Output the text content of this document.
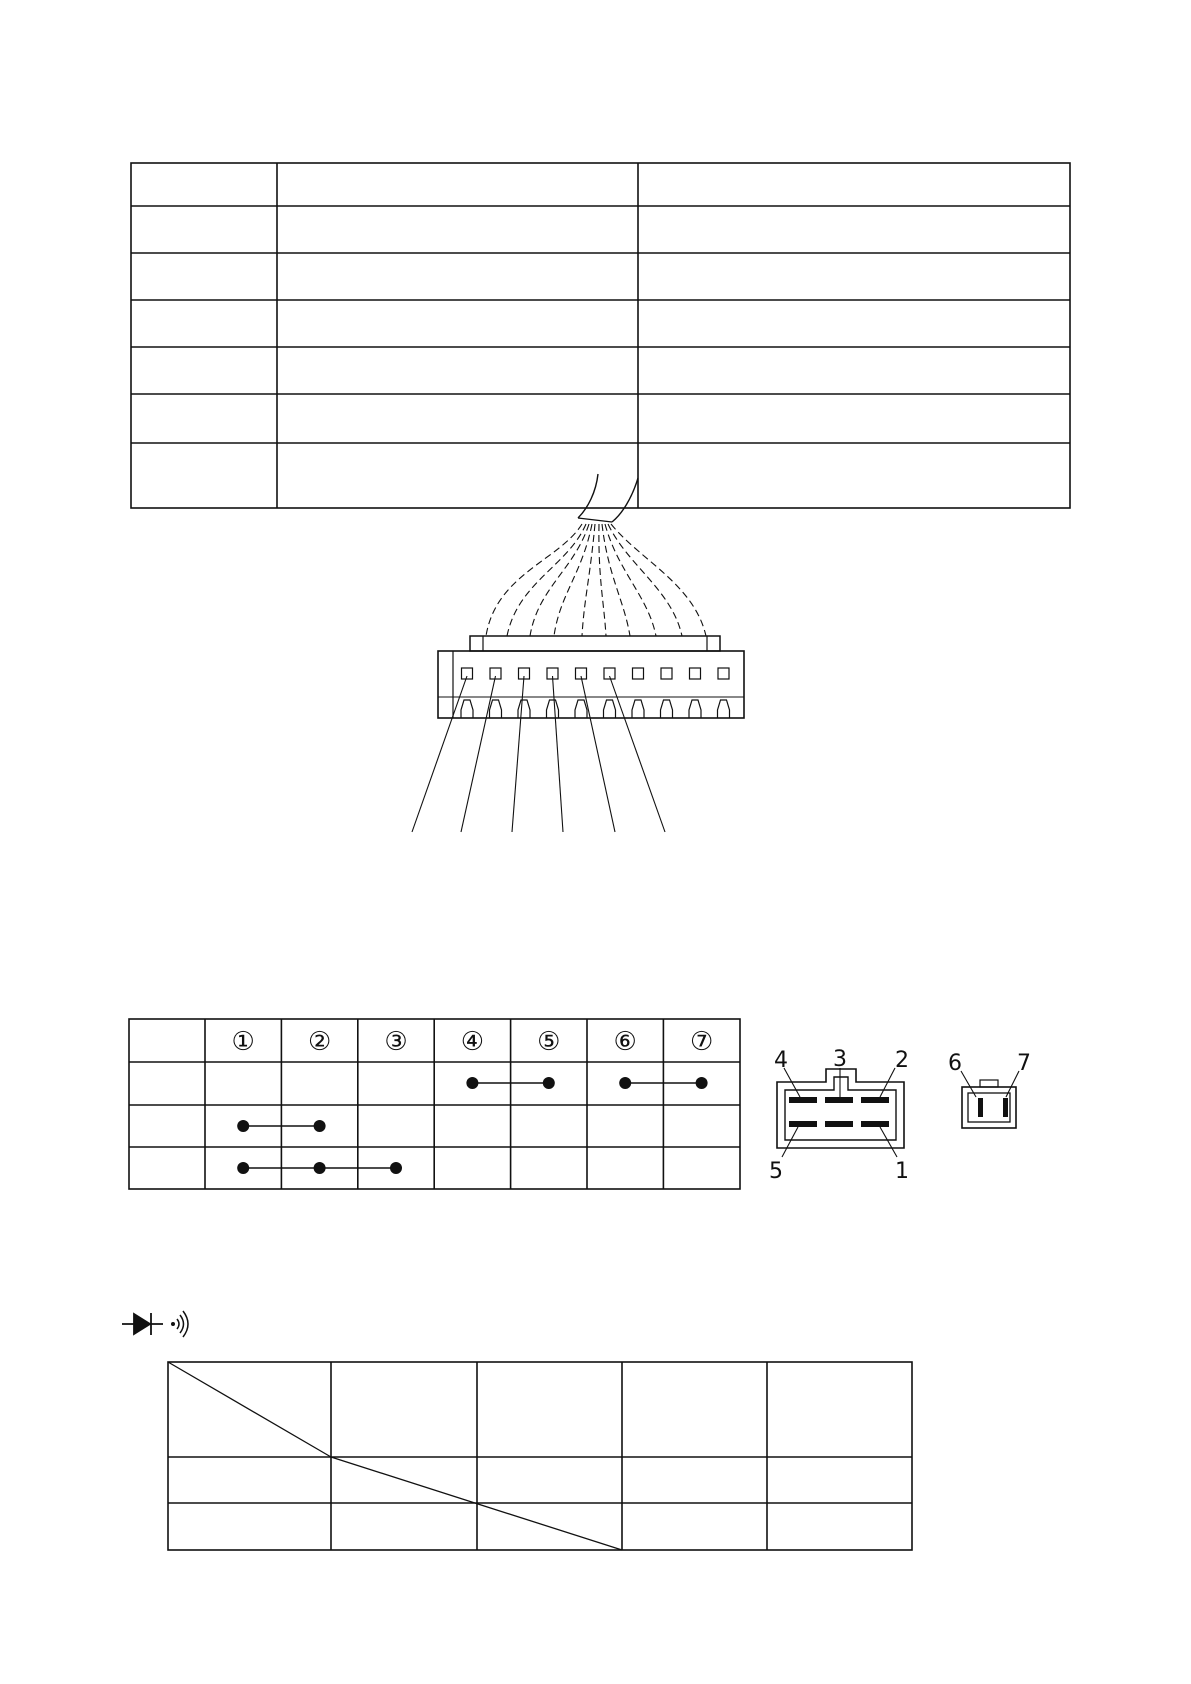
① ② ③ ④ ⑤ ⑥ ⑦
4 3 2
5	1
6	7
